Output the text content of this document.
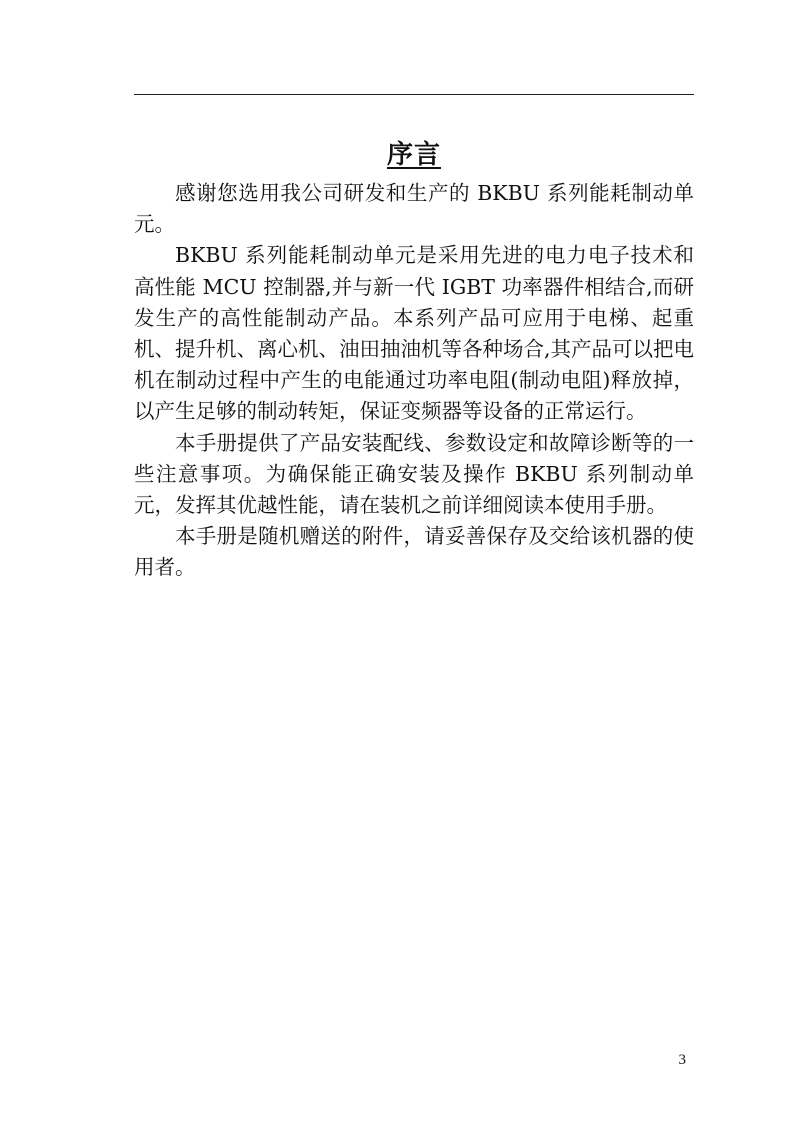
序言

感谢您选用我公司研发和生产的 BKBU 系列能耗制动单元。

BKBU 系列能耗制动单元是采用先进的电力电子技术和高性能 MCU 控制器,并与新一代 IGBT 功率器件相结合,而研发生产的高性能制动产品。本系列产品可应用于电梯、起重机、提升机、离心机、油田抽油机等各种场合,其产品可以把电机在制动过程中产生的电能通过功率电阻(制动电阻)释放掉，以产生足够的制动转矩，保证变频器等设备的正常运行。

本手册提供了产品安装配线、参数设定和故障诊断等的一些注意事项。为确保能正确安装及操作 BKBU 系列制动单元，发挥其优越性能，请在装机之前详细阅读本使用手册。

本手册是随机赠送的附件，请妥善保存及交给该机器的使用者。

3
